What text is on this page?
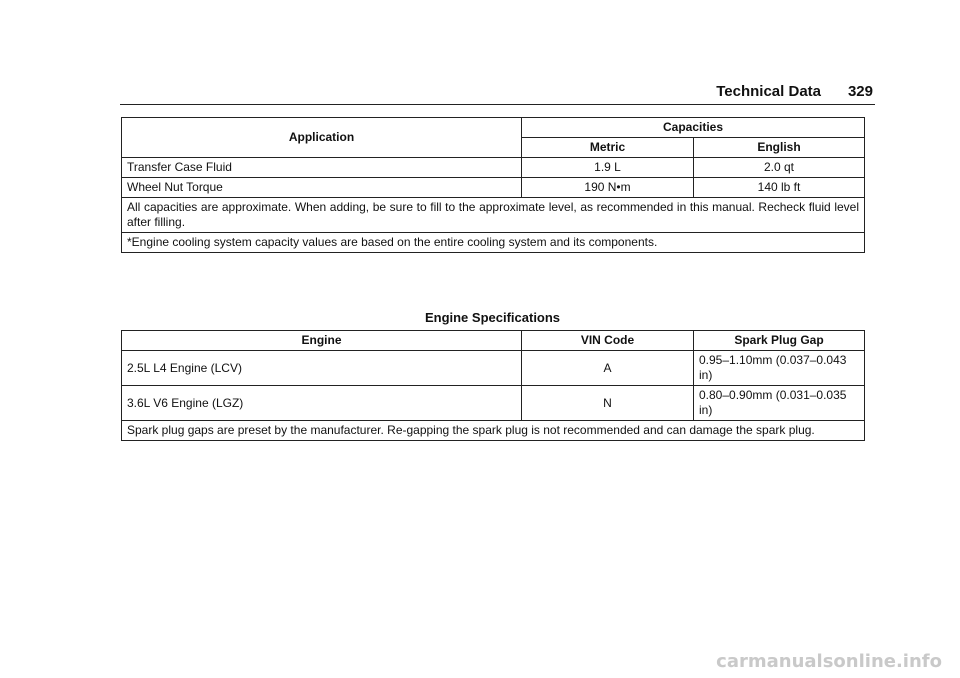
Technical Data 329
Application	Capacities	
	Metric	English
Transfer Case Fluid	1.9 L	2.0 qt
Wheel Nut Torque	190 N•m	140 lb ft
All capacities are approximate. When adding, be sure to fill to the approximate level, as recommended in this manual. Recheck fluid level after filling.		
*Engine cooling system capacity values are based on the entire cooling system and its components.		
Engine Specifications
Engine	VIN Code	Spark Plug Gap
2.5L L4 Engine (LCV)	A	0.95–1.10mm (0.037–0.043 in)
3.6L V6 Engine (LGZ)	N	0.80–0.90mm (0.031–0.035 in)
Spark plug gaps are preset by the manufacturer. Re-gapping the spark plug is not recommended and can damage the spark plug.		
carmanualsonline.info
